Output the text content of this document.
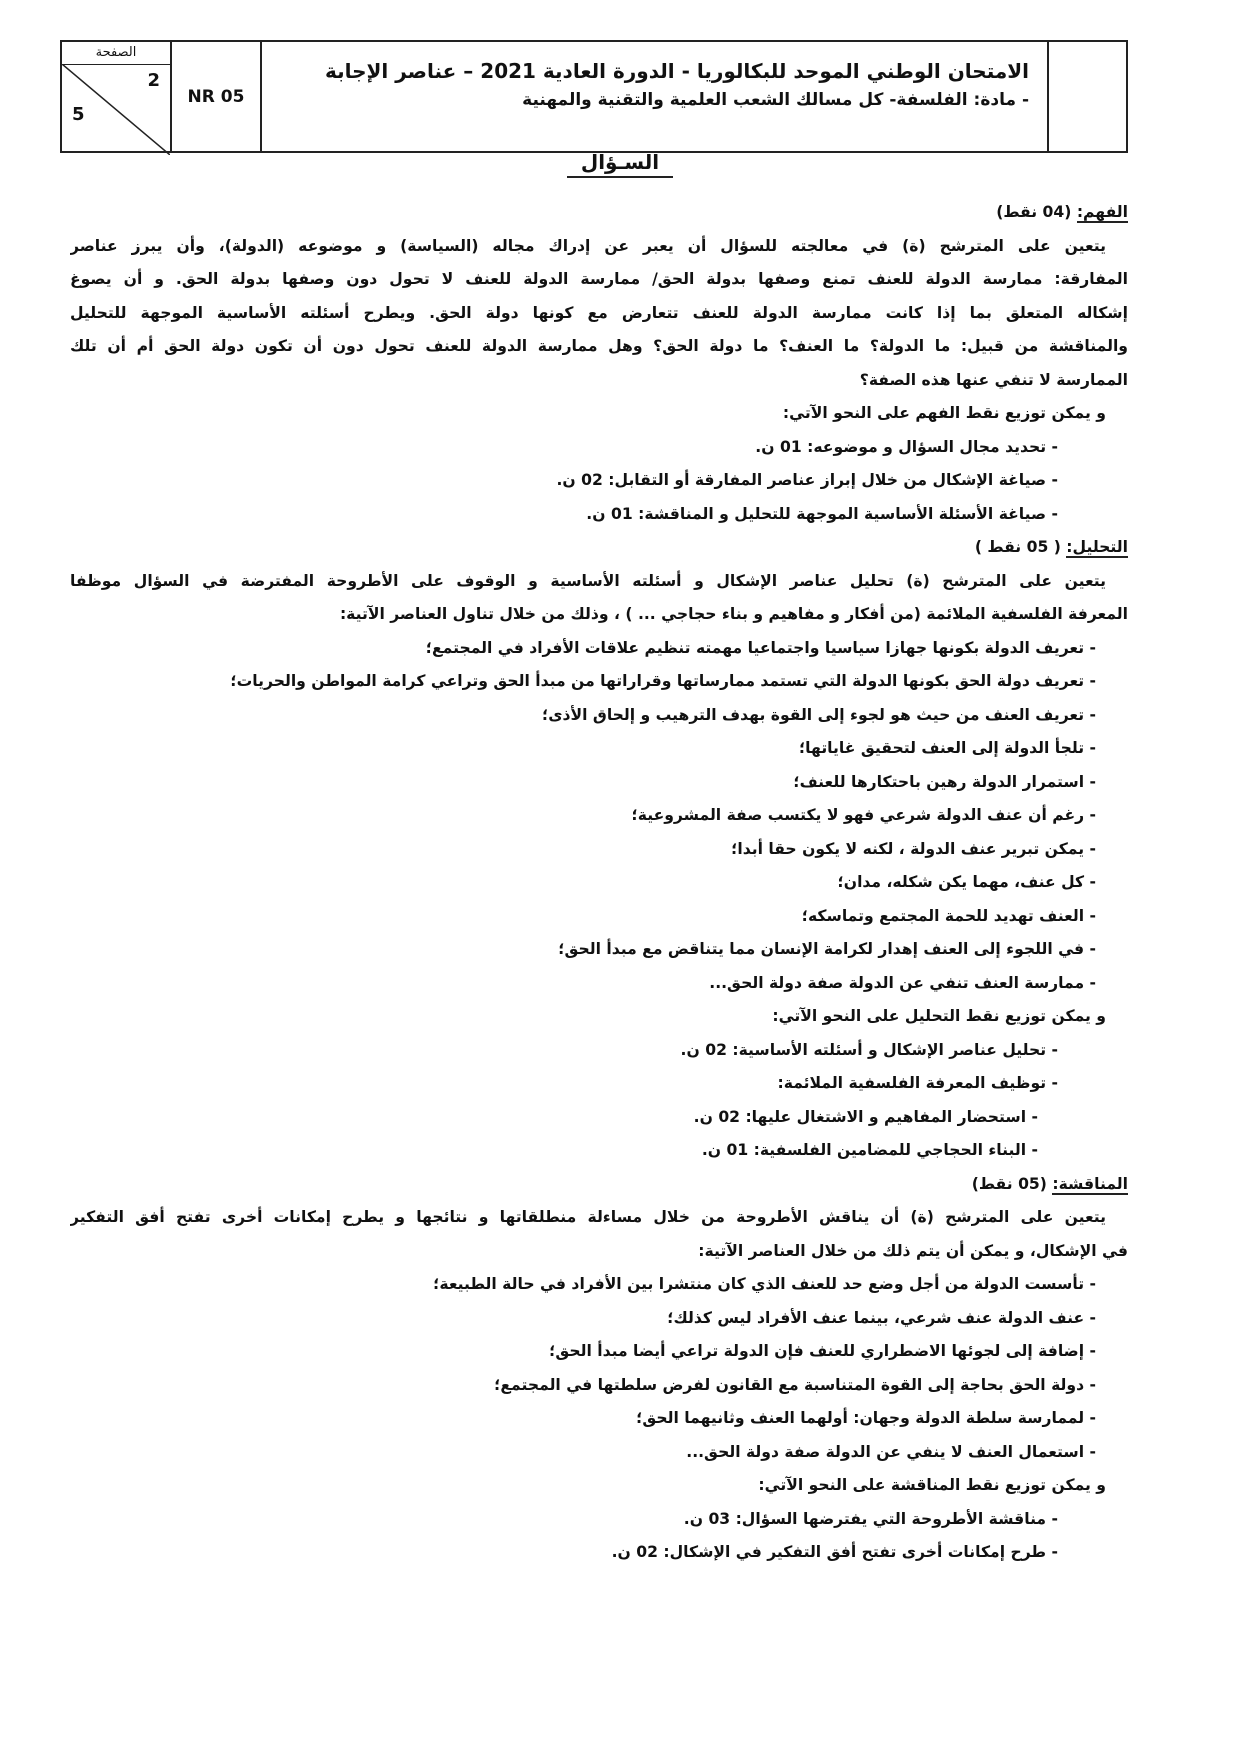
الصفحة
2
5
NR 05
الامتحان الوطني الموحد للبكالوريا - الدورة العادية 2021 – عناصر الإجابة
- مادة: الفلسفة- كل مسالك الشعب العلمية والتقنية والمهنية
السـؤال
الفهم: (04 نقط)
يتعين على المترشح (ة) في معالجته للسؤال أن يعبر عن إدراك مجاله (السياسة) و موضوعه (الدولة)، وأن يبرز عناصر
المفارقة: ممارسة الدولة للعنف تمنع وصفها بدولة الحق/ ممارسة الدولة للعنف لا تحول دون وصفها بدولة الحق. و أن يصوغ
إشكاله المتعلق بما إذا كانت ممارسة الدولة للعنف تتعارض مع كونها دولة الحق. ويطرح أسئلته الأساسية الموجهة للتحليل
والمناقشة من قبيل: ما الدولة؟ ما العنف؟ ما دولة الحق؟ وهل ممارسة الدولة للعنف تحول دون أن تكون دولة الحق أم أن تلك
الممارسة لا تنفي عنها هذه الصفة؟
و يمكن توزيع نقط الفهم على النحو الآتي:
- تحديد مجال السؤال و موضوعه: 01 ن.
- صياغة الإشكال من خلال إبراز عناصر المفارقة أو التقابل: 02 ن.
- صياغة الأسئلة الأساسية الموجهة للتحليل و المناقشة: 01 ن.
التحليل: ( 05 نقط )
يتعين على المترشح (ة) تحليل عناصر الإشكال و أسئلته الأساسية و الوقوف على الأطروحة المفترضة في السؤال موظفا
المعرفة الفلسفية الملائمة (من أفكار و مفاهيم و بناء حجاجي ... ) ، وذلك من خلال تناول العناصر الآتية:
- تعريف الدولة بكونها جهازا سياسيا واجتماعيا مهمته تنظيم علاقات الأفراد في المجتمع؛
- تعريف دولة الحق بكونها الدولة التي تستمد ممارساتها وقراراتها من مبدأ الحق وتراعي كرامة المواطن والحريات؛
- تعريف العنف من حيث هو لجوء إلى القوة بهدف الترهيب و إلحاق الأذى؛
- تلجأ الدولة إلى العنف لتحقيق غاياتها؛
- استمرار الدولة رهين باحتكارها للعنف؛
- رغم أن عنف الدولة شرعي فهو لا يكتسب صفة المشروعية؛
- يمكن تبرير عنف الدولة ، لكنه لا يكون حقا أبدا؛
- كل عنف، مهما يكن شكله، مدان؛
- العنف تهديد للحمة المجتمع وتماسكه؛
- في اللجوء إلى العنف إهدار لكرامة الإنسان مما يتناقض مع مبدأ الحق؛
- ممارسة العنف تنفي عن الدولة صفة دولة الحق...
و يمكن توزيع نقط التحليل على النحو الآتي:
- تحليل عناصر الإشكال و أسئلته الأساسية: 02 ن.
- توظيف المعرفة الفلسفية الملائمة:
- استحضار المفاهيم و الاشتغال عليها: 02 ن.
- البناء الحجاجي للمضامين الفلسفية: 01 ن.
المناقشة: (05 نقط)
يتعين على المترشح (ة) أن يناقش الأطروحة من خلال مساءلة منطلقاتها و نتائجها و يطرح إمكانات أخرى تفتح أفق التفكير
في الإشكال، و يمكن أن يتم ذلك من خلال العناصر الآتية:
- تأسست الدولة من أجل وضع حد للعنف الذي كان منتشرا بين الأفراد في حالة الطبيعة؛
- عنف الدولة عنف شرعي، بينما عنف الأفراد ليس كذلك؛
- إضافة إلى لجوئها الاضطراري للعنف فإن الدولة تراعي أيضا مبدأ الحق؛
- دولة الحق بحاجة إلى القوة المتناسبة مع القانون لفرض سلطتها في المجتمع؛
- لممارسة سلطة الدولة وجهان: أولهما العنف وثانيهما الحق؛
- استعمال العنف لا ينفي عن الدولة صفة دولة الحق...
و يمكن توزيع نقط المناقشة على النحو الآتي:
- مناقشة الأطروحة التي يفترضها السؤال: 03 ن.
- طرح إمكانات أخرى تفتح أفق التفكير في الإشكال: 02 ن.
